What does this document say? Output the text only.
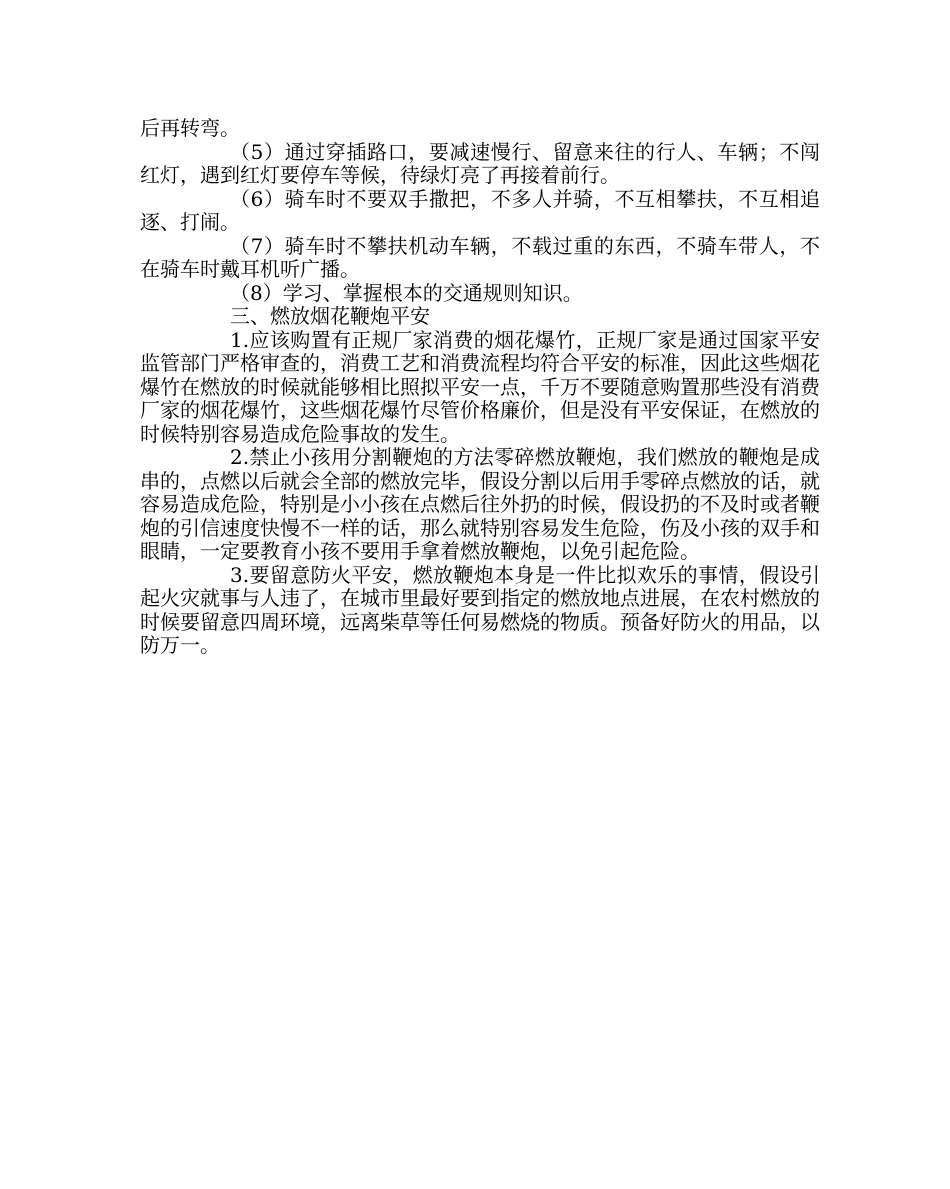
后再转弯。

（5）通过穿插路口，要减速慢行、留意来往的行人、车辆；不闯红灯，遇到红灯要停车等候，待绿灯亮了再接着前行。

（6）骑车时不要双手撒把，不多人并骑，不互相攀扶，不互相追逐、打闹。

（7）骑车时不攀扶机动车辆，不载过重的东西，不骑车带人，不在骑车时戴耳机听广播。

（8）学习、掌握根本的交通规则知识。

三、燃放烟花鞭炮平安

1.应该购置有正规厂家消费的烟花爆竹，正规厂家是通过国家平安监管部门严格审查的，消费工艺和消费流程均符合平安的标准，因此这些烟花爆竹在燃放的时候就能够相比照拟平安一点，千万不要随意购置那些没有消费厂家的烟花爆竹，这些烟花爆竹尽管价格廉价，但是没有平安保证，在燃放的时候特别容易造成危险事故的发生。

2.禁止小孩用分割鞭炮的方法零碎燃放鞭炮，我们燃放的鞭炮是成串的，点燃以后就会全部的燃放完毕，假设分割以后用手零碎点燃放的话，就容易造成危险，特别是小小孩在点燃后往外扔的时候，假设扔的不及时或者鞭炮的引信速度快慢不一样的话，那么就特别容易发生危险，伤及小孩的双手和眼睛，一定要教育小孩不要用手拿着燃放鞭炮，以免引起危险。

3.要留意防火平安，燃放鞭炮本身是一件比拟欢乐的事情，假设引起火灾就事与人违了，在城市里最好要到指定的燃放地点进展，在农村燃放的时候要留意四周环境，远离柴草等任何易燃烧的物质。预备好防火的用品，以防万一。
